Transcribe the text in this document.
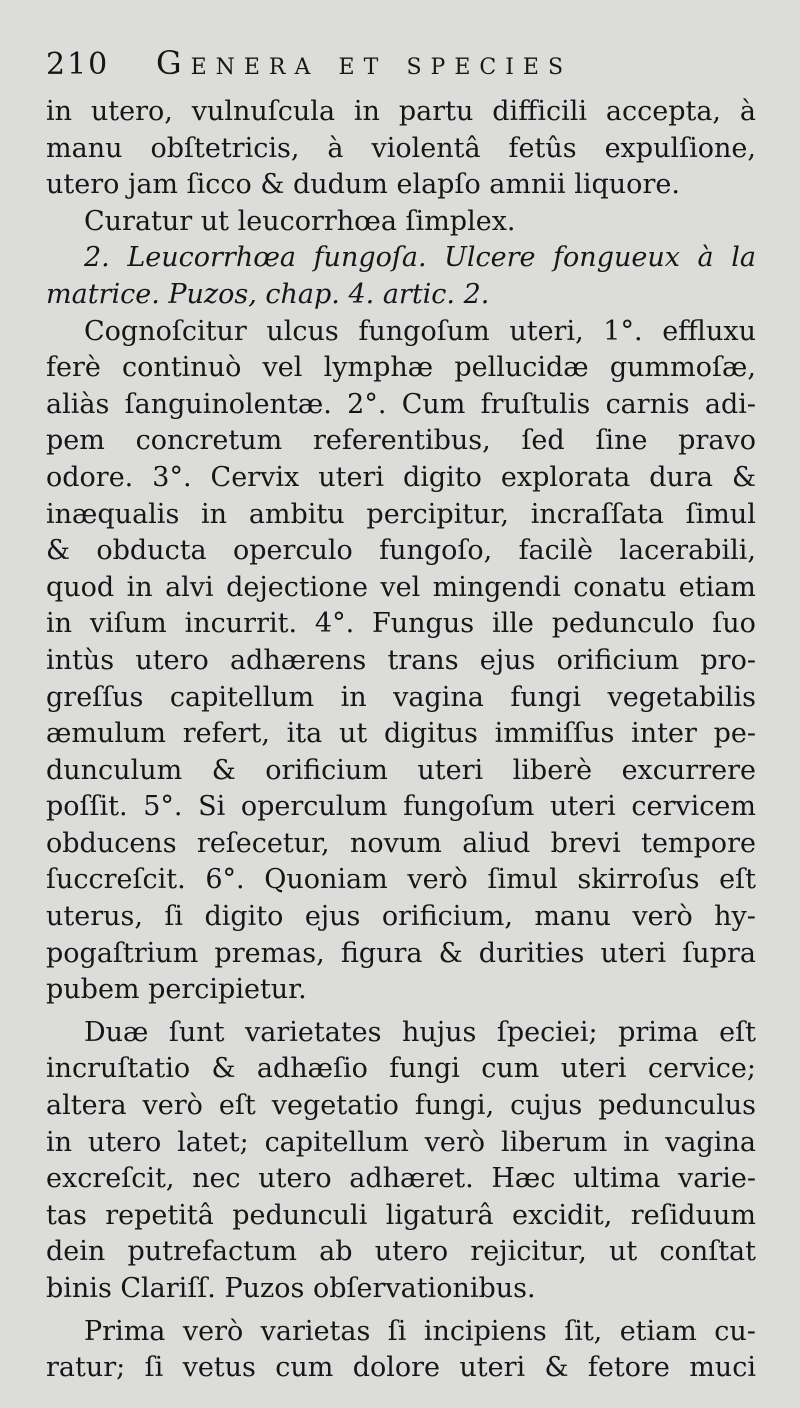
210	Genera et species
in utero, vulnuſcula in partu difficili accepta, à
manu obſtetricis, à violentâ fetûs expulſione,
utero jam ſicco & dudum elapſo amnii liquore.
Curatur ut leucorrhœa ſimplex.
2. Leucorrhœa fungoſa. Ulcere fongueux à la
matrice. Puzos, chap. 4. artic. 2.
Cognoſcitur ulcus fungoſum uteri, 1°. effluxu
ferè continuò vel lymphæ pellucidæ gummoſæ,
aliàs ſanguinolentæ. 2°. Cum fruſtulis carnis adi-
pem concretum referentibus, ſed ſine pravo
odore. 3°. Cervix uteri digito explorata dura &
inæqualis in ambitu percipitur, incraſſata ſimul
& obducta operculo fungoſo, facilè lacerabili,
quod in alvi dejectione vel mingendi conatu etiam
in viſum incurrit. 4°. Fungus ille pedunculo ſuo
intùs utero adhærens trans ejus orificium pro-
greſſus capitellum in vagina fungi vegetabilis
æmulum refert, ita ut digitus immiſſus inter pe-
dunculum & orificium uteri liberè excurrere
poſſit. 5°. Si operculum fungoſum uteri cervicem
obducens reſecetur, novum aliud brevi tempore
ſuccreſcit. 6°. Quoniam verò ſimul skirroſus eſt
uterus, ſi digito ejus orificium, manu verò hy-
pogaſtrium premas, figura & durities uteri ſupra
pubem percipietur.
Duæ ſunt varietates hujus ſpeciei; prima eſt
incruſtatio & adhæſio fungi cum uteri cervice;
altera verò eſt vegetatio fungi, cujus pedunculus
in utero latet; capitellum verò liberum in vagina
excreſcit, nec utero adhæret. Hæc ultima varie-
tas repetitâ pedunculi ligaturâ excidit, reſiduum
dein putrefactum ab utero rejicitur, ut conſtat
binis Clariſſ. Puzos obſervationibus.
Prima verò varietas ſi incipiens ſit, etiam cu-
ratur; ſi vetus cum dolore uteri & fetore muci
